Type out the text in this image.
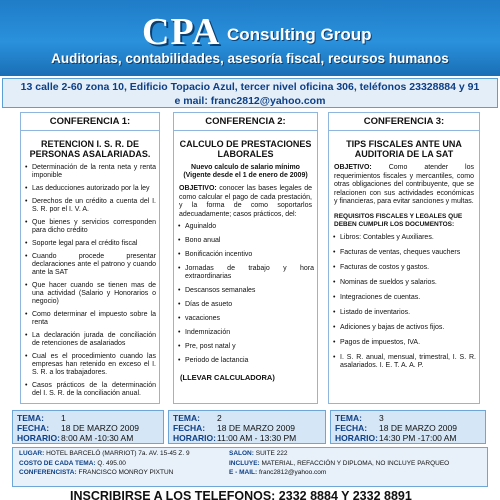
CPA Consulting Group
Auditorias, contabilidades, asesoría fiscal, recursos humanos
13 calle 2-60 zona 10, Edificio Topacio Azul, tercer nivel oficina 306, teléfonos 23328884 y 91
e mail: franc2812@yahoo.com
CONFERENCIA 1:
RETENCION I. S. R. DE PERSONAS ASALARIADAS.
• Determinación de la renta neta y renta imponible
• Las deducciones autorizado por la ley
• Derechos de un crédito a cuenta del I. S. R. por el I. V. A.
• Que bienes y servicios corresponden para dicho crédito
• Soporte legal para el crédito fiscal
• Cuando procede presentar declaraciones ante el patrono y cuando ante la SAT
• Que hacer cuando se tienen mas de una actividad (Salario y Honorarios o negocio)
• Como determinar el impuesto sobre la renta
• La declaración jurada de conciliación de retenciones de asalariados
• Cual es el procedimiento cuando las empresas han retenido en exceso el I. S. R. a los trabajadores.
• Casos prácticos de la determinación del I. S. R. de la conciliación anual.
CONFERENCIA 2:
CALCULO DE PRESTACIONES LABORALES
Nuevo calculo de salario mínimo (Vigente desde el 1 de enero de 2009)
OBJETIVO: conocer las bases legales de como calcular el pago de cada prestación, y la forma de como soportarlos adecuadamente; casos prácticos, del:
• Aguinaldo
• Bono anual
• Bonificación incentivo
• Jornadas de trabajo y hora extraordinarias
• Descansos semanales
• Días de asueto
• vacaciones
• Indemnización
• Pre, post natal y
• Periodo de lactancia
(LLEVAR CALCULADORA)
CONFERENCIA 3:
TIPS FISCALES ANTE UNA AUDITORIA DE LA SAT
OBJETIVO: Como atender los requerimientos fiscales y mercantiles, como otras obligaciones del contribuyente, que se relacionen con sus actividades económicas y financieras, para evitar sanciones y multas.
REQUISITOS FISCALES Y LEGALES QUE DEBEN CUMPLIR LOS DOCUMENTOS:
• Libros: Contables y Auxiliares.
• Facturas de ventas, cheques vauchers
• Facturas de costos y gastos.
• Nominas de sueldos y salarios.
• Integraciones de cuentas.
• Listado de inventarios.
• Adiciones y bajas de activos fijos.
• Pagos de impuestos, IVA.
• I. S. R. anual, mensual, trimestral, I. S. R. asalariados. I. E. T. A. A. P.
TEMA:	1
FECHA:	18 DE MARZO 2009
HORARIO: 8:00 AM -10:30 AM
TEMA:	2
FECHA:	18 DE MARZO 2009
HORARIO: 11:00 AM - 13:30 PM
TEMA:	3
FECHA:	18 DE MARZO 2009
HORARIO: 14:30 PM -17:00 AM
LUGAR: HOTEL BARCELÓ (MARRIOT) 7a. AV. 15-45 Z. 9	SALON: SUITE 222
COSTO DE CADA TEMA: Q. 495.00	INCLUYE: MATERIAL, REFACCIÓN Y DIPLOMA, NO INCLUYE PARQUEO
CONFERENCISTA: FRANCISCO MONROY PIXTUN	E - MAIL: franc2812@yahoo.com
INSCRIBIRSE A LOS TELEFONOS: 2332 8884 Y 2332 8891
